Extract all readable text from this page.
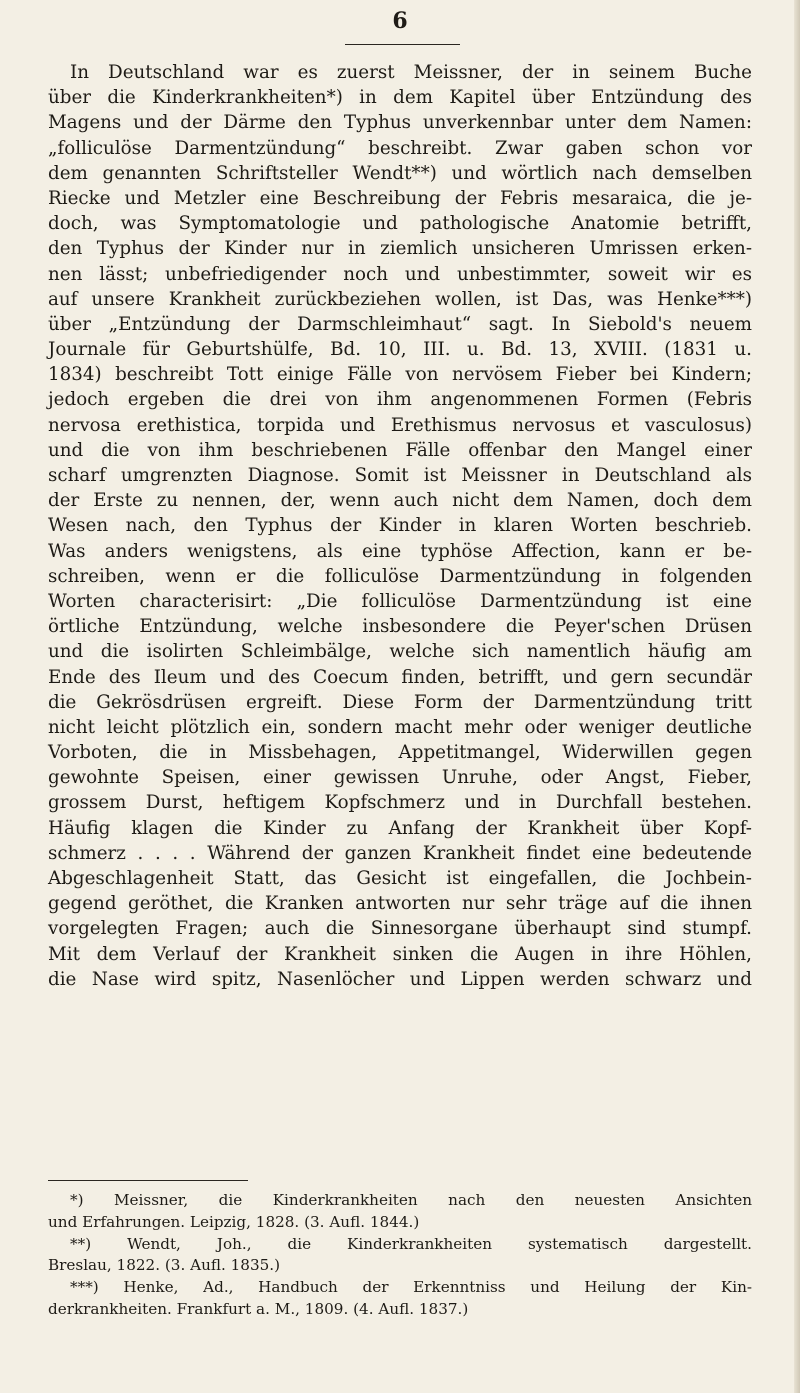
6
In Deutschland war es zuerst Meissner, der in seinem Buche
über die Kinderkrankheiten*) in dem Kapitel über Entzündung des
Magens und der Därme den Typhus unverkennbar unter dem Namen:
„folliculöse Darmentzündung“ beschreibt. Zwar gaben schon vor
dem genannten Schriftsteller Wendt**) und wörtlich nach demselben
Riecke und Metzler eine Beschreibung der Febris mesaraica, die je-
doch, was Symptomatologie und pathologische Anatomie betrifft,
den Typhus der Kinder nur in ziemlich unsicheren Umrissen erken-
nen lässt; unbefriedigender noch und unbestimmter, soweit wir es
auf unsere Krankheit zurückbeziehen wollen, ist Das, was Henke***)
über „Entzündung der Darmschleimhaut“ sagt. In Siebold's neuem
Journale für Geburtshülfe, Bd. 10, III. u. Bd. 13, XVIII. (1831 u.
1834) beschreibt Tott einige Fälle von nervösem Fieber bei Kindern;
jedoch ergeben die drei von ihm angenommenen Formen (Febris
nervosa erethistica, torpida und Erethismus nervosus et vasculosus)
und die von ihm beschriebenen Fälle offenbar den Mangel einer
scharf umgrenzten Diagnose. Somit ist Meissner in Deutschland als
der Erste zu nennen, der, wenn auch nicht dem Namen, doch dem
Wesen nach, den Typhus der Kinder in klaren Worten beschrieb.
Was anders wenigstens, als eine typhöse Affection, kann er be-
schreiben, wenn er die folliculöse Darmentzündung in folgenden
Worten characterisirt: „Die folliculöse Darmentzündung ist eine
örtliche Entzündung, welche insbesondere die Peyer'schen Drüsen
und die isolirten Schleimbälge, welche sich namentlich häufig am
Ende des Ileum und des Coecum finden, betrifft, und gern secundär
die Gekrösdrüsen ergreift. Diese Form der Darmentzündung tritt
nicht leicht plötzlich ein, sondern macht mehr oder weniger deutliche
Vorboten, die in Missbehagen, Appetitmangel, Widerwillen gegen
gewohnte Speisen, einer gewissen Unruhe, oder Angst, Fieber,
grossem Durst, heftigem Kopfschmerz und in Durchfall bestehen.
Häufig klagen die Kinder zu Anfang der Krankheit über Kopf-
schmerz . . . . Während der ganzen Krankheit findet eine bedeutende
Abgeschlagenheit Statt, das Gesicht ist eingefallen, die Jochbein-
gegend geröthet, die Kranken antworten nur sehr träge auf die ihnen
vorgelegten Fragen; auch die Sinnesorgane überhaupt sind stumpf.
Mit dem Verlauf der Krankheit sinken die Augen in ihre Höhlen,
die Nase wird spitz, Nasenlöcher und Lippen werden schwarz und
*) Meissner, die Kinderkrankheiten nach den neuesten Ansichten
und Erfahrungen. Leipzig, 1828. (3. Aufl. 1844.)
**) Wendt, Joh., die Kinderkrankheiten systematisch dargestellt.
Breslau, 1822. (3. Aufl. 1835.)
***) Henke, Ad., Handbuch der Erkenntniss und Heilung der Kin-
derkrankheiten. Frankfurt a. M., 1809. (4. Aufl. 1837.)
